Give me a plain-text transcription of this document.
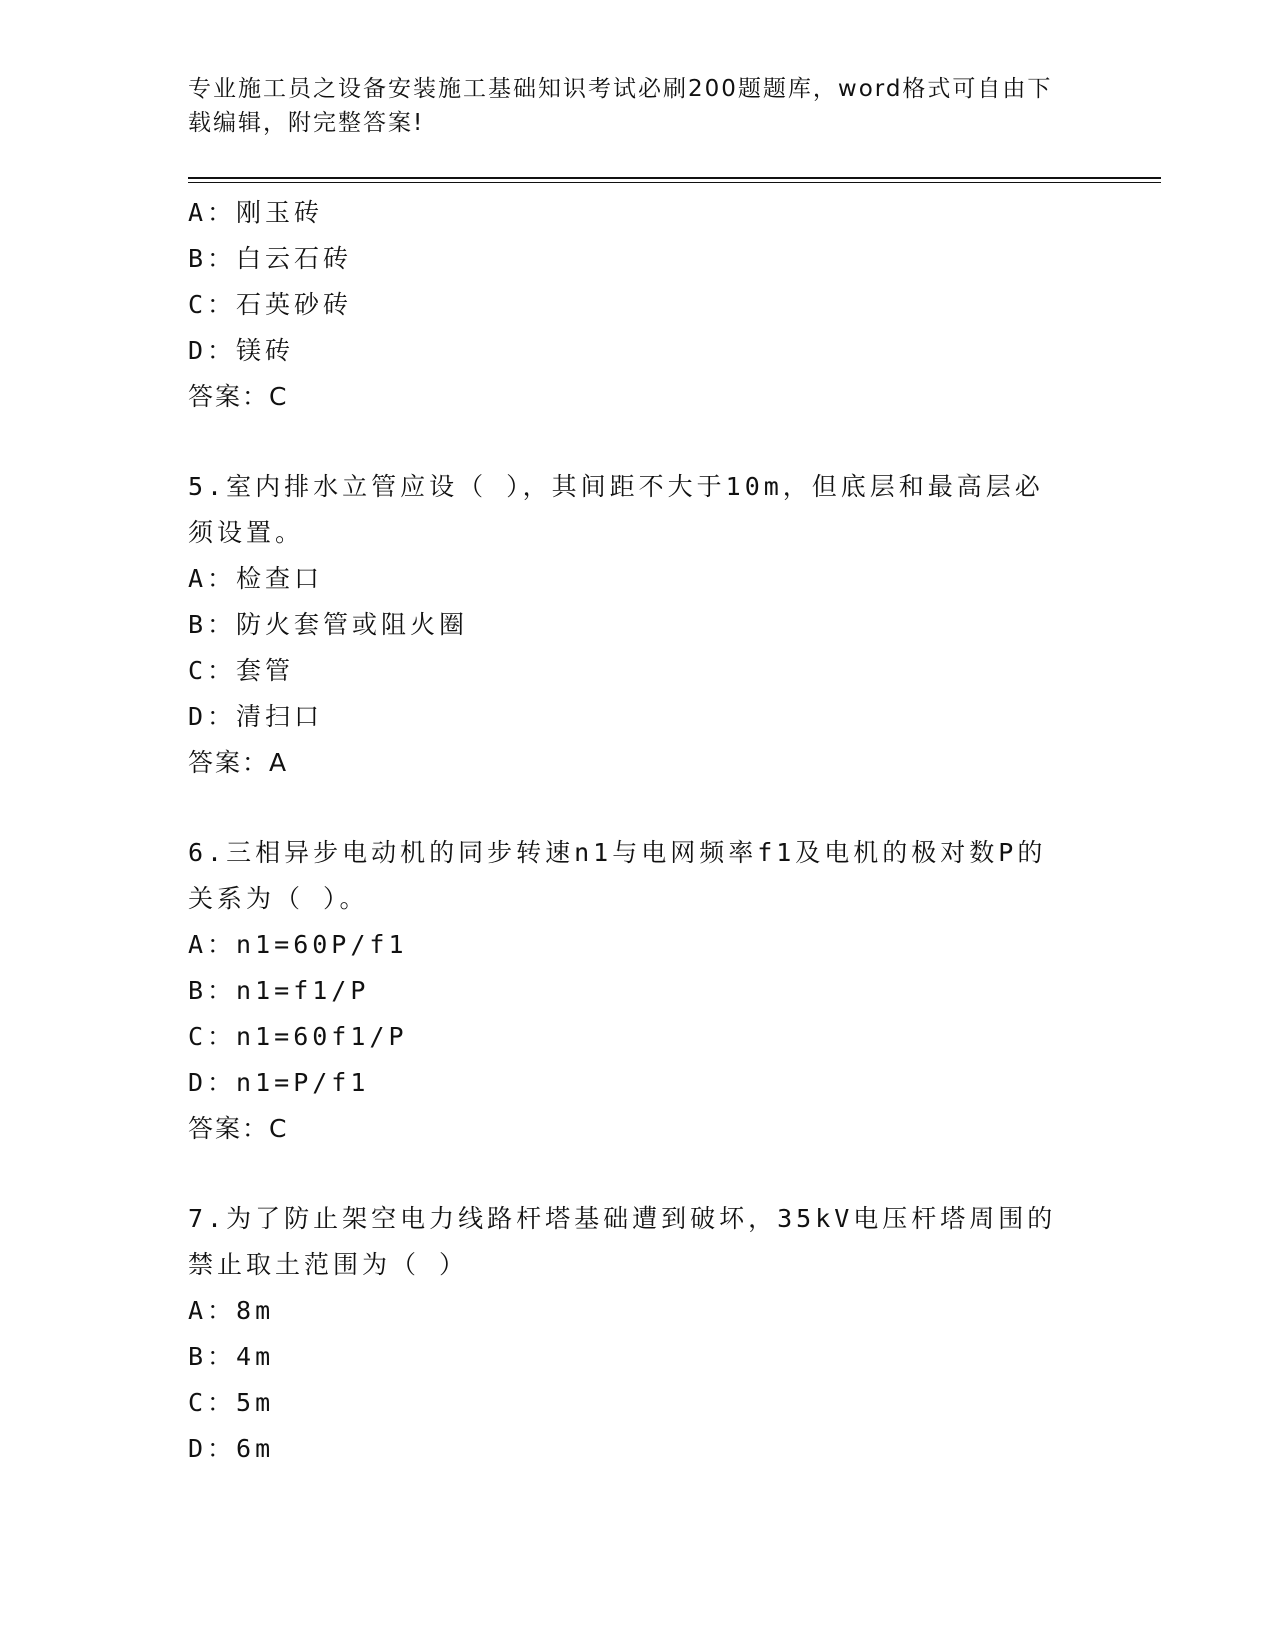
专业施工员之设备安装施工基础知识考试必刷200题题库，word格式可自由下载编辑，附完整答案!
A：刚玉砖
B：白云石砖
C：石英砂砖
D：镁砖
答案：C
5.室内排水立管应设（ ），其间距不大于10m，但底层和最高层必须设置。
A：检查口
B：防火套管或阻火圈
C：套管
D：清扫口
答案：A
6.三相异步电动机的同步转速n1与电网频率f1及电机的极对数P的关系为（ ）。
A：n1=60P/f1
B：n1=f1/P
C：n1=60f1/P
D：n1=P/f1
答案：C
7.为了防止架空电力线路杆塔基础遭到破坏，35kV电压杆塔周围的禁止取土范围为（ ）
A：8m
B：4m
C：5m
D：6m
